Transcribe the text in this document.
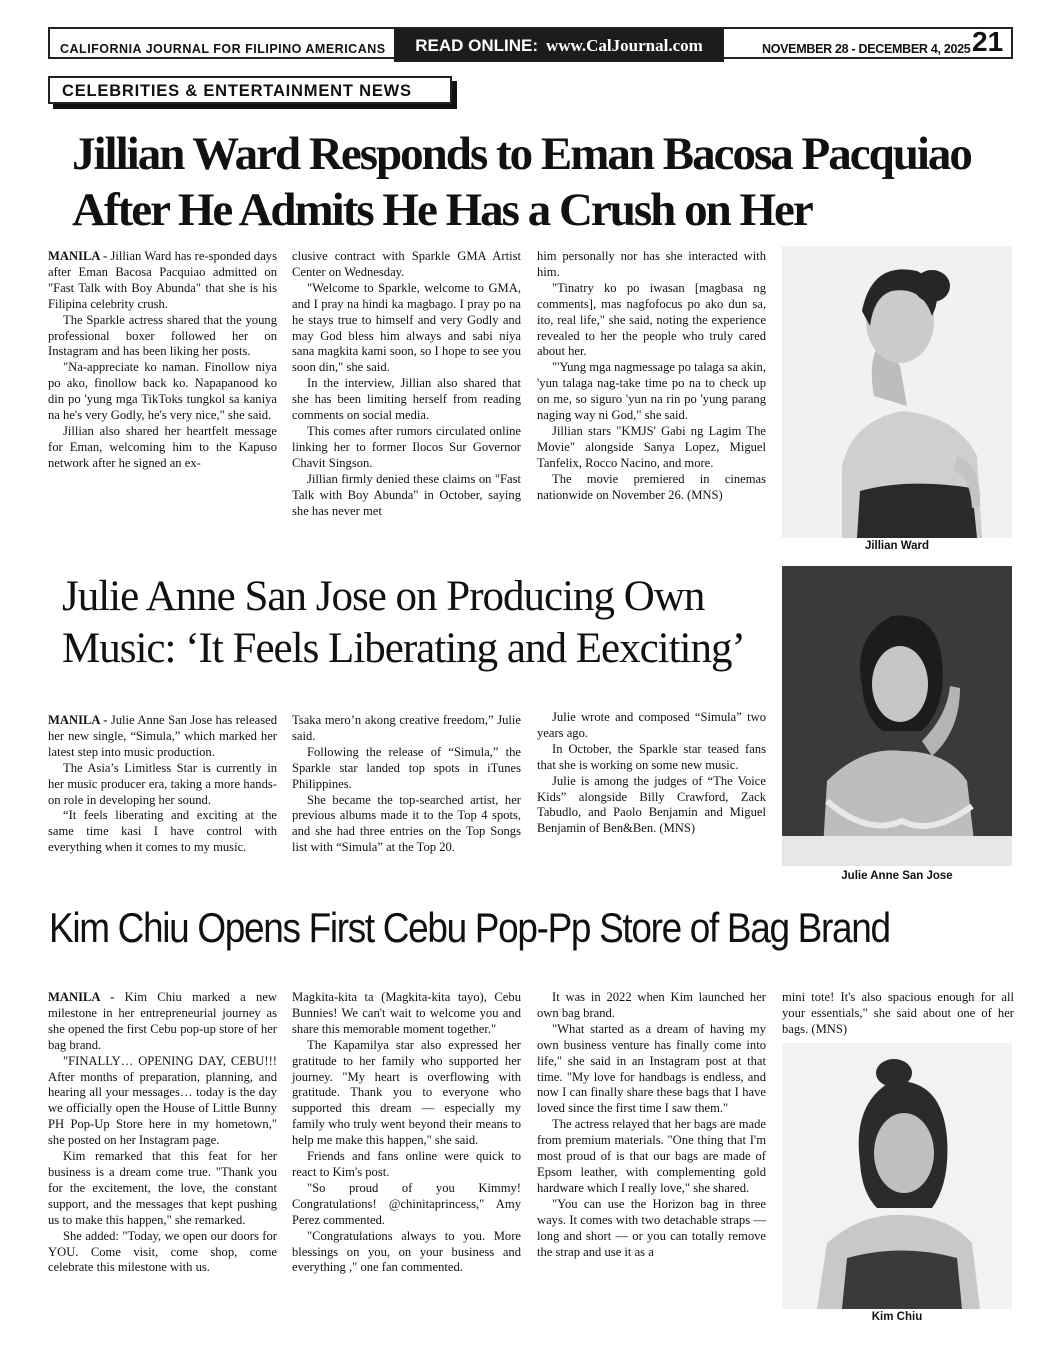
CALIFORNIA JOURNAL FOR FILIPINO AMERICANS READ ONLINE: www.CalJournal.com	NOVEMBER 28 - DECEMBER 4, 2025 21
CELEBRITIES & ENTERTAINMENT NEWS
Jillian Ward Responds to Eman Bacosa Pacquiao
After He Admits He Has a Crush on Her

MANILA - Jillian Ward has re-sponded days after Eman Bacosa Pacquiao admitted on "Fast Talk with Boy Abunda" that she is his Filipina celebrity crush.

The Sparkle actress shared that the young professional boxer followed her on Instagram and has been liking her posts.

"Na-appreciate ko naman. Finollow niya po ako, finollow back ko. Napapanood ko din po 'yung mga TikToks tungkol sa kaniya na he's very Godly, he's very nice," she said.

Jillian also shared her heartfelt message for Eman, welcoming him to the Kapuso network after he signed an ex-

clusive contract with Sparkle GMA Artist Center on Wednesday.

"Welcome to Sparkle, welcome to GMA, and I pray na hindi ka magbago. I pray po na he stays true to himself and very Godly and may God bless him always and sabi niya sana magkita kami soon, so I hope to see you soon din," she said.

In the interview, Jillian also shared that she has been limiting herself from reading comments on social media.

This comes after rumors circulated online linking her to former Ilocos Sur Governor Chavit Singson.

Jillian firmly denied these claims on "Fast Talk with Boy Abunda" in October, saying she has never met

him personally nor has she interacted with him.

"Tinatry ko po iwasan [magbasa ng comments], mas nagfofocus po ako dun sa, ito, real life," she said, noting the experience revealed to her the people who truly cared about her.

"'Yung mga nagmessage po talaga sa akin, 'yun talaga nag-take time po na to check up on me, so siguro 'yun na rin po 'yung parang naging way ni God," she said.

Jillian stars "KMJS' Gabi ng Lagim The Movie" alongside Sanya Lopez, Miguel Tanfelix, Rocco Nacino, and more.

The movie premiered in cinemas nationwide on November 26. (MNS)

Jillian Ward
Julie Anne San Jose on Producing Own
Music: ‘It Feels Liberating and Eexciting’

MANILA - Julie Anne San Jose has released her new single, “Simula,” which marked her latest step into music production.

The Asia’s Limitless Star is currently in her music producer era, taking a more hands-on role in developing her sound.

“It feels liberating and exciting at the same time kasi I have control with everything when it comes to my music.

Tsaka mero’n akong creative freedom,” Julie said.

Following the release of “Simula,” the Sparkle star landed top spots in iTunes Philippines.

She became the top-searched artist, her previous albums made it to the Top 4 spots, and she had three entries on the Top Songs list with “Simula” at the Top 20.

Julie wrote and composed “Simula” two years ago.

In October, the Sparkle star teased fans that she is working on some new music.

Julie is among the judges of “The Voice Kids” alongside Billy Crawford, Zack Tabudlo, and Paolo Benjamin and Miguel Benjamin of Ben&Ben. (MNS)

Julie Anne San Jose
Kim Chiu Opens First Cebu Pop-Pp Store of Bag Brand

MANILA - Kim Chiu marked a new milestone in her entrepreneurial journey as she opened the first Cebu pop-up store of her bag brand.

"FINALLY… OPENING DAY, CEBU!!! After months of preparation, planning, and hearing all your messages… today is the day we officially open the House of Little Bunny PH Pop-Up Store here in my hometown," she posted on her Instagram page.

Kim remarked that this feat for her business is a dream come true. "Thank you for the excitement, the love, the constant support, and the messages that kept pushing us to make this happen," she remarked.

She added: "Today, we open our doors for YOU. Come visit, come shop, come celebrate this milestone with us.

Magkita-kita ta (Magkita-kita tayo), Cebu Bunnies! We can't wait to welcome you and share this memorable moment together."

The Kapamilya star also expressed her gratitude to her family who supported her journey. "My heart is overflowing with gratitude. Thank you to everyone who supported this dream — especially my family who truly went beyond their means to help me make this happen," she said.

Friends and fans online were quick to react to Kim's post.

"So proud of you Kimmy! Congratulations! @chinitaprincess," Amy Perez commented.

"Congratulations always to you. More blessings on you, on your business and everything ," one fan commented.

It was in 2022 when Kim launched her own bag brand.

"What started as a dream of having my own business venture has finally come into life," she said in an Instagram post at that time. "My love for handbags is endless, and now I can finally share these bags that I have loved since the first time I saw them."

The actress relayed that her bags are made from premium materials. "One thing that I'm most proud of is that our bags are made of Epsom leather, with complementing gold hardware which I really love," she shared.

"You can use the Horizon bag in three ways. It comes with two detachable straps — long and short — or you can totally remove the strap and use it as a

mini tote! It's also spacious enough for all your essentials," she said about one of her bags. (MNS)

Kim Chiu
